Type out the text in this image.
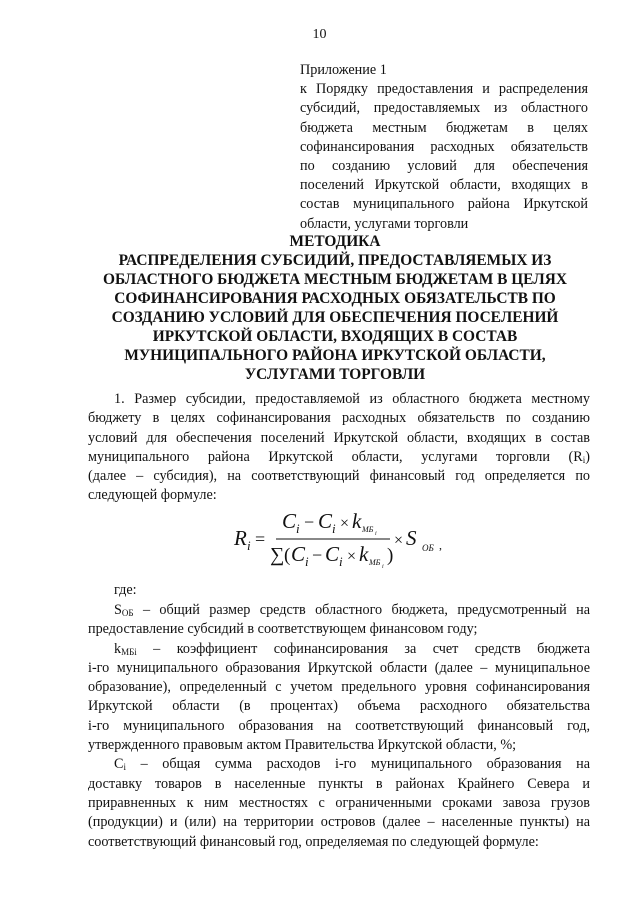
10
Приложение 1
к Порядку предоставления и распределения
субсидий, предоставляемых из областного
бюджета местным бюджетам в целях
софинансирования расходных обязательств
по созданию условий для обеспечения
поселений Иркутской области, входящих в
состав муниципального района Иркутской
области, услугами торговли
МЕТОДИКА
РАСПРЕДЕЛЕНИЯ СУБСИДИЙ, ПРЕДОСТАВЛЯЕМЫХ ИЗ
ОБЛАСТНОГО БЮДЖЕТА МЕСТНЫМ БЮДЖЕТАМ В ЦЕЛЯХ
СОФИНАНСИРОВАНИЯ РАСХОДНЫХ ОБЯЗАТЕЛЬСТВ ПО
СОЗДАНИЮ УСЛОВИЙ ДЛЯ ОБЕСПЕЧЕНИЯ ПОСЕЛЕНИЙ
ИРКУТСКОЙ ОБЛАСТИ, ВХОДЯЩИХ В СОСТАВ
МУНИЦИПАЛЬНОГО РАЙОНА ИРКУТСКОЙ ОБЛАСТИ,
УСЛУГАМИ ТОРГОВЛИ
1. Размер субсидии, предоставляемой из областного бюджета местному
бюджету в целях софинансирования расходных обязательств по созданию
условий для обеспечения поселений Иркутской области, входящих в состав
муниципального района Иркутской области, услугами торговли $(R_i)$
(далее – субсидия), на соответствующий финансовый год определяется по
следующей формуле:
R i =
C i − C i × k МБ i
∑ ( C i − C i × k МБ i
)
× S ОБ ,
где:
$S_{ОБ}$ – общий размер средств областного бюджета, предусмотренный на
предоставление субсидий в соответствующем финансовом году;
$k_{МБi}$ – коэффициент софинансирования за счет средств бюджета
i-го муниципального образования Иркутской области (далее – муниципальное
образование), определенный с учетом предельного уровня софинансирования
Иркутской области (в процентах) объема расходного обязательства
i-го муниципального образования на соответствующий финансовый год,
утвержденного правовым актом Правительства Иркутской области, %;
$C_i$ – общая сумма расходов i-го муниципального образования на
доставку товаров в населенные пункты в районах Крайнего Севера и
приравненных к ним местностях с ограниченными сроками завоза грузов
(продукции) и (или) на территории островов (далее – населенные пункты) на
соответствующий финансовый год, определяемая по следующей формуле:
